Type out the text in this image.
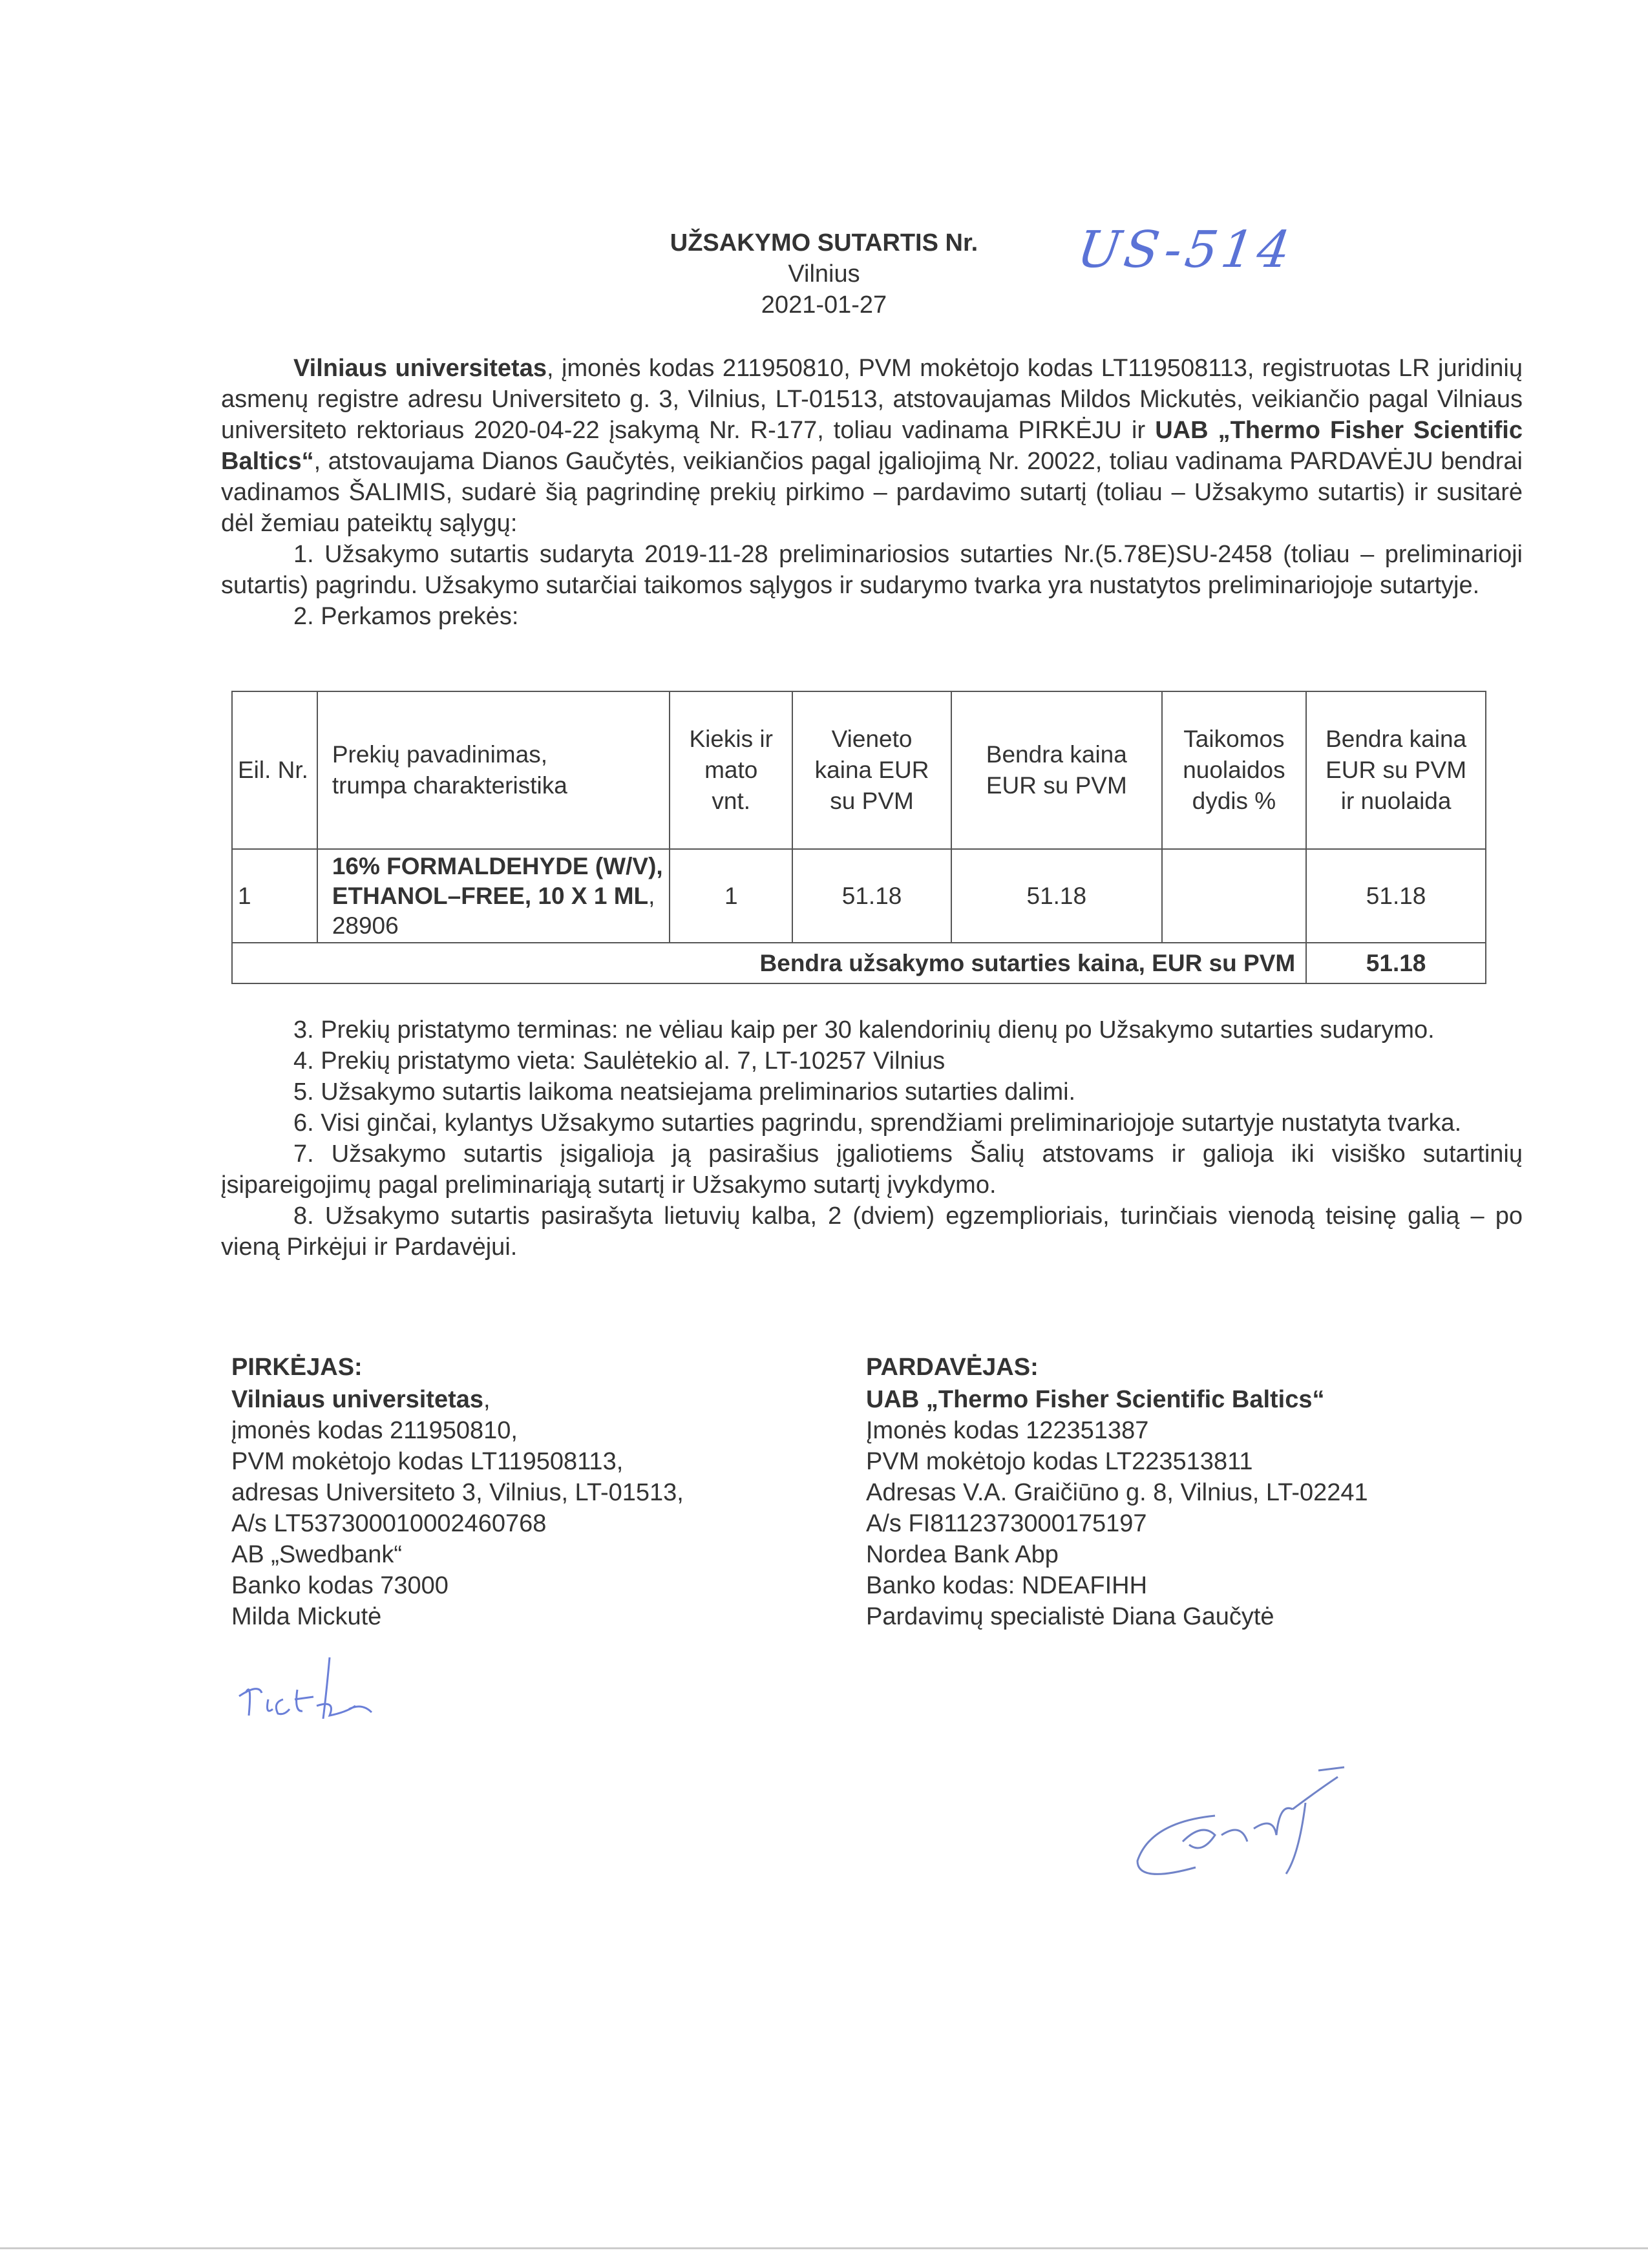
UŽSAKYMO SUTARTIS Nr.
Vilnius
2021-01-27
US-514

Vilniaus universitetas, įmonės kodas 211950810, PVM mokėtojo kodas LT119508113, registruotas LR juridinių asmenų registre adresu Universiteto g. 3, Vilnius, LT-01513, atstovaujamas Mildos Mickutės, veikiančio pagal Vilniaus universiteto rektoriaus 2020-04-22 įsakymą Nr. R-177, toliau vadinama PIRKĖJU ir UAB „Thermo Fisher Scientific Baltics“, atstovaujama Dianos Gaučytės, veikiančios pagal įgaliojimą Nr. 20022, toliau vadinama PARDAVĖJU bendrai vadinamos ŠALIMIS, sudarė šią pagrindinę prekių pirkimo – pardavimo sutartį (toliau – Užsakymo sutartis) ir susitarė dėl žemiau pateiktų sąlygų:

1. Užsakymo sutartis sudaryta 2019-11-28 preliminariosios sutarties Nr.(5.78E)SU-2458 (toliau – preliminarioji sutartis) pagrindu. Užsakymo sutarčiai taikomos sąlygos ir sudarymo tvarka yra nustatytos preliminariojoje sutartyje.

2. Perkamos prekės:

Eil. Nr.	Prekių pavadinimas, trumpa charakteristika	Kiekis ir mato vnt.	Vieneto kaina EUR su PVM	Bendra kaina EUR su PVM	Taikomos nuolaidos dydis %	Bendra kaina EUR su PVM ir nuolaida
1	16% FORMALDEHYDE (W/V), ETHANOL–FREE, 10 X 1 ML, 28906	1	51.18	51.18		51.18
Bendra užsakymo sutarties kaina, EUR su PVM						51.18

3. Prekių pristatymo terminas: ne vėliau kaip per 30 kalendorinių dienų po Užsakymo sutarties sudarymo.

4. Prekių pristatymo vieta: Saulėtekio al. 7, LT-10257 Vilnius

5. Užsakymo sutartis laikoma neatsiejama preliminarios sutarties dalimi.

6. Visi ginčai, kylantys Užsakymo sutarties pagrindu, sprendžiami preliminariojoje sutartyje nustatyta tvarka.

7. Užsakymo sutartis įsigalioja ją pasirašius įgaliotiems Šalių atstovams ir galioja iki visiško sutartinių įsipareigojimų pagal preliminariąją sutartį ir Užsakymo sutartį įvykdymo.

8. Užsakymo sutartis pasirašyta lietuvių kalba, 2 (dviem) egzemplioriais, turinčiais vienodą teisinę galią – po vieną Pirkėjui ir Pardavėjui.

PIRKĖJAS:
Vilniaus universitetas,
įmonės kodas 211950810,
PVM mokėtojo kodas LT119508113,
adresas Universiteto 3, Vilnius, LT-01513,
A/s LT537300010002460768
AB „Swedbank“
Banko kodas 73000
Milda Mickutė
PARDAVĖJAS:
UAB „Thermo Fisher Scientific Baltics“
Įmonės kodas 122351387
PVM mokėtojo kodas LT223513811
Adresas V.A. Graičiūno g. 8, Vilnius, LT-02241
A/s FI8112373000175197
Nordea Bank Abp
Banko kodas: NDEAFIHH
Pardavimų specialistė Diana Gaučytė
